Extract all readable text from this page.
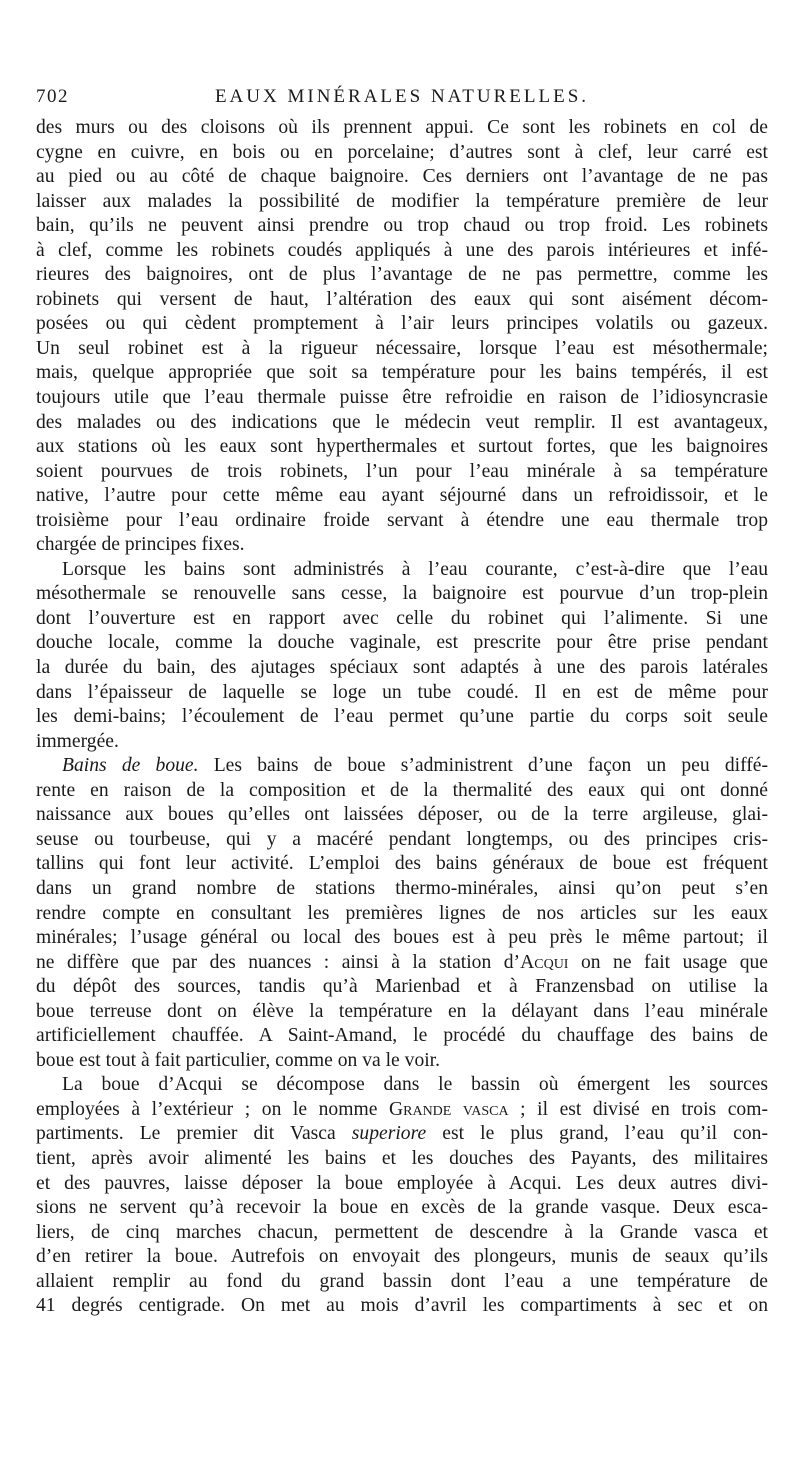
702	EAUX MINÉRALES NATURELLES.
des murs ou des cloisons où ils prennent appui. Ce sont les robinets en col de
cygne en cuivre, en bois ou en porcelaine; d’autres sont à clef, leur carré est
au pied ou au côté de chaque baignoire. Ces derniers ont l’avantage de ne pas
laisser aux malades la possibilité de modifier la température première de leur
bain, qu’ils ne peuvent ainsi prendre ou trop chaud ou trop froid. Les robinets
à clef, comme les robinets coudés appliqués à une des parois intérieures et infé-
rieures des baignoires, ont de plus l’avantage de ne pas permettre, comme les
robinets qui versent de haut, l’altération des eaux qui sont aisément décom-
posées ou qui cèdent promptement à l’air leurs principes volatils ou gazeux.
Un seul robinet est à la rigueur nécessaire, lorsque l’eau est mésothermale;
mais, quelque appropriée que soit sa température pour les bains tempérés, il est
toujours utile que l’eau thermale puisse être refroidie en raison de l’idiosyncrasie
des malades ou des indications que le médecin veut remplir. Il est avantageux,
aux stations où les eaux sont hyperthermales et surtout fortes, que les baignoires
soient pourvues de trois robinets, l’un pour l’eau minérale à sa température
native, l’autre pour cette même eau ayant séjourné dans un refroidissoir, et le
troisième pour l’eau ordinaire froide servant à étendre une eau thermale trop
chargée de principes fixes.
Lorsque les bains sont administrés à l’eau courante, c’est-à-dire que l’eau
mésothermale se renouvelle sans cesse, la baignoire est pourvue d’un trop-plein
dont l’ouverture est en rapport avec celle du robinet qui l’alimente. Si une
douche locale, comme la douche vaginale, est prescrite pour être prise pendant
la durée du bain, des ajutages spéciaux sont adaptés à une des parois latérales
dans l’épaisseur de laquelle se loge un tube coudé. Il en est de même pour
les demi-bains; l’écoulement de l’eau permet qu’une partie du corps soit seule
immergée.
Bains de boue. Les bains de boue s’administrent d’une façon un peu diffé-
rente en raison de la composition et de la thermalité des eaux qui ont donné
naissance aux boues qu’elles ont laissées déposer, ou de la terre argileuse, glai-
seuse ou tourbeuse, qui y a macéré pendant longtemps, ou des principes cris-
tallins qui font leur activité. L’emploi des bains généraux de boue est fréquent
dans un grand nombre de stations thermo-minérales, ainsi qu’on peut s’en
rendre compte en consultant les premières lignes de nos articles sur les eaux
minérales; l’usage général ou local des boues est à peu près le même partout; il
ne diffère que par des nuances : ainsi à la station d’Acqui on ne fait usage que
du dépôt des sources, tandis qu’à Marienbad et à Franzensbad on utilise la
boue terreuse dont on élève la température en la délayant dans l’eau minérale
artificiellement chauffée. A Saint-Amand, le procédé du chauffage des bains de
boue est tout à fait particulier, comme on va le voir.
La boue d’Acqui se décompose dans le bassin où émergent les sources
employées à l’extérieur ; on le nomme Grande vasca ; il est divisé en trois com-
partiments. Le premier dit Vasca superiore est le plus grand, l’eau qu’il con-
tient, après avoir alimenté les bains et les douches des Payants, des militaires
et des pauvres, laisse déposer la boue employée à Acqui. Les deux autres divi-
sions ne servent qu’à recevoir la boue en excès de la grande vasque. Deux esca-
liers, de cinq marches chacun, permettent de descendre à la Grande vasca et
d’en retirer la boue. Autrefois on envoyait des plongeurs, munis de seaux qu’ils
allaient remplir au fond du grand bassin dont l’eau a une température de
41 degrés centigrade. On met au mois d’avril les compartiments à sec et on
